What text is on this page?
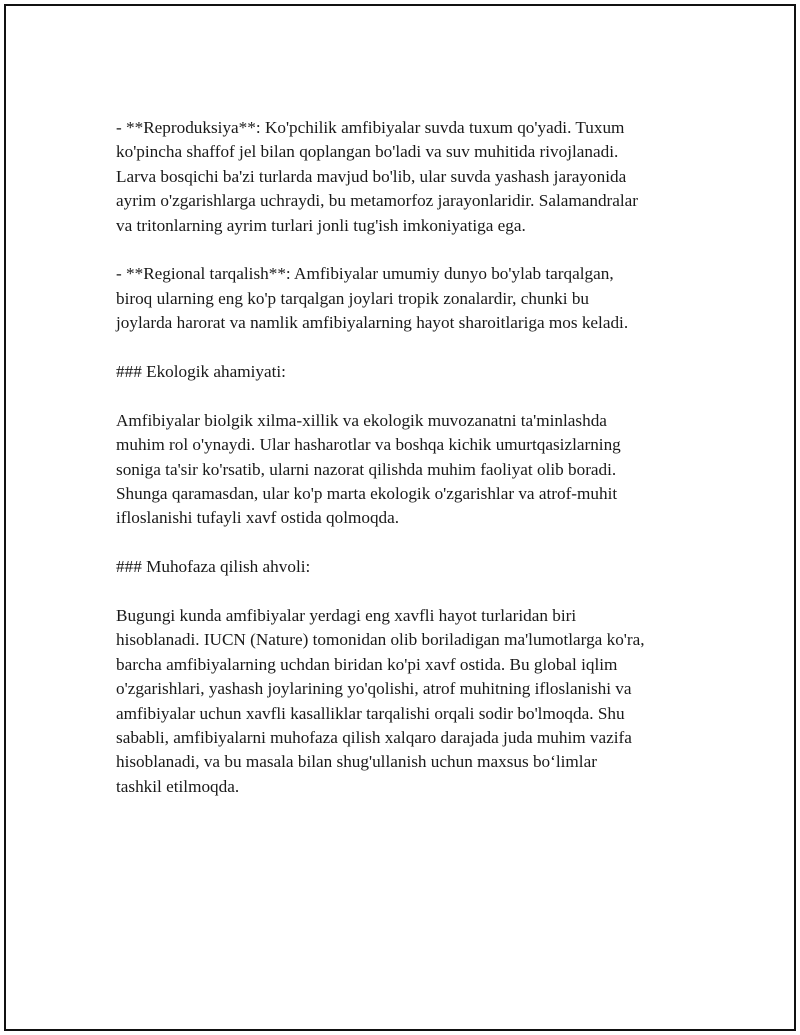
- **Reproduksiya**: Ko'pchilik amfibiyalar suvda tuxum qo'yadi. Tuxum
ko'pincha shaffof jel bilan qoplangan bo'ladi va suv muhitida rivojlanadi.
Larva bosqichi ba'zi turlarda mavjud bo'lib, ular suvda yashash jarayonida
ayrim o'zgarishlarga uchraydi, bu metamorfoz jarayonlaridir. Salamandralar
va tritonlarning ayrim turlari jonli tug'ish imkoniyatiga ega.
- **Regional tarqalish**: Amfibiyalar umumiy dunyo bo'ylab tarqalgan,
biroq ularning eng ko'p tarqalgan joylari tropik zonalardir, chunki bu
joylarda harorat va namlik amfibiyalarning hayot sharoitlariga mos keladi.
### Ekologik ahamiyati:
Amfibiyalar biolgik xilma-xillik va ekologik muvozanatni ta'minlashda
muhim rol o'ynaydi. Ular hasharotlar va boshqa kichik umurtqasizlarning
soniga ta'sir ko'rsatib, ularni nazorat qilishda muhim faoliyat olib boradi.
Shunga qaramasdan, ular ko'p marta ekologik o'zgarishlar va atrof-muhit
ifloslanishi tufayli xavf ostida qolmoqda.
### Muhofaza qilish ahvoli:
Bugungi kunda amfibiyalar yerdagi eng xavfli hayot turlaridan biri
hisoblanadi. IUCN (Nature) tomonidan olib boriladigan ma'lumotlarga ko'ra,
barcha amfibiyalarning uchdan biridan ko'pi xavf ostida. Bu global iqlim
o'zgarishlari, yashash joylarining yo'qolishi, atrof muhitning ifloslanishi va
amfibiyalar uchun xavfli kasalliklar tarqalishi orqali sodir bo'lmoqda. Shu
sababli, amfibiyalarni muhofaza qilish xalqaro darajada juda muhim vazifa
hisoblanadi, va bu masala bilan shug'ullanish uchun maxsus bo‘limlar
tashkil etilmoqda.
